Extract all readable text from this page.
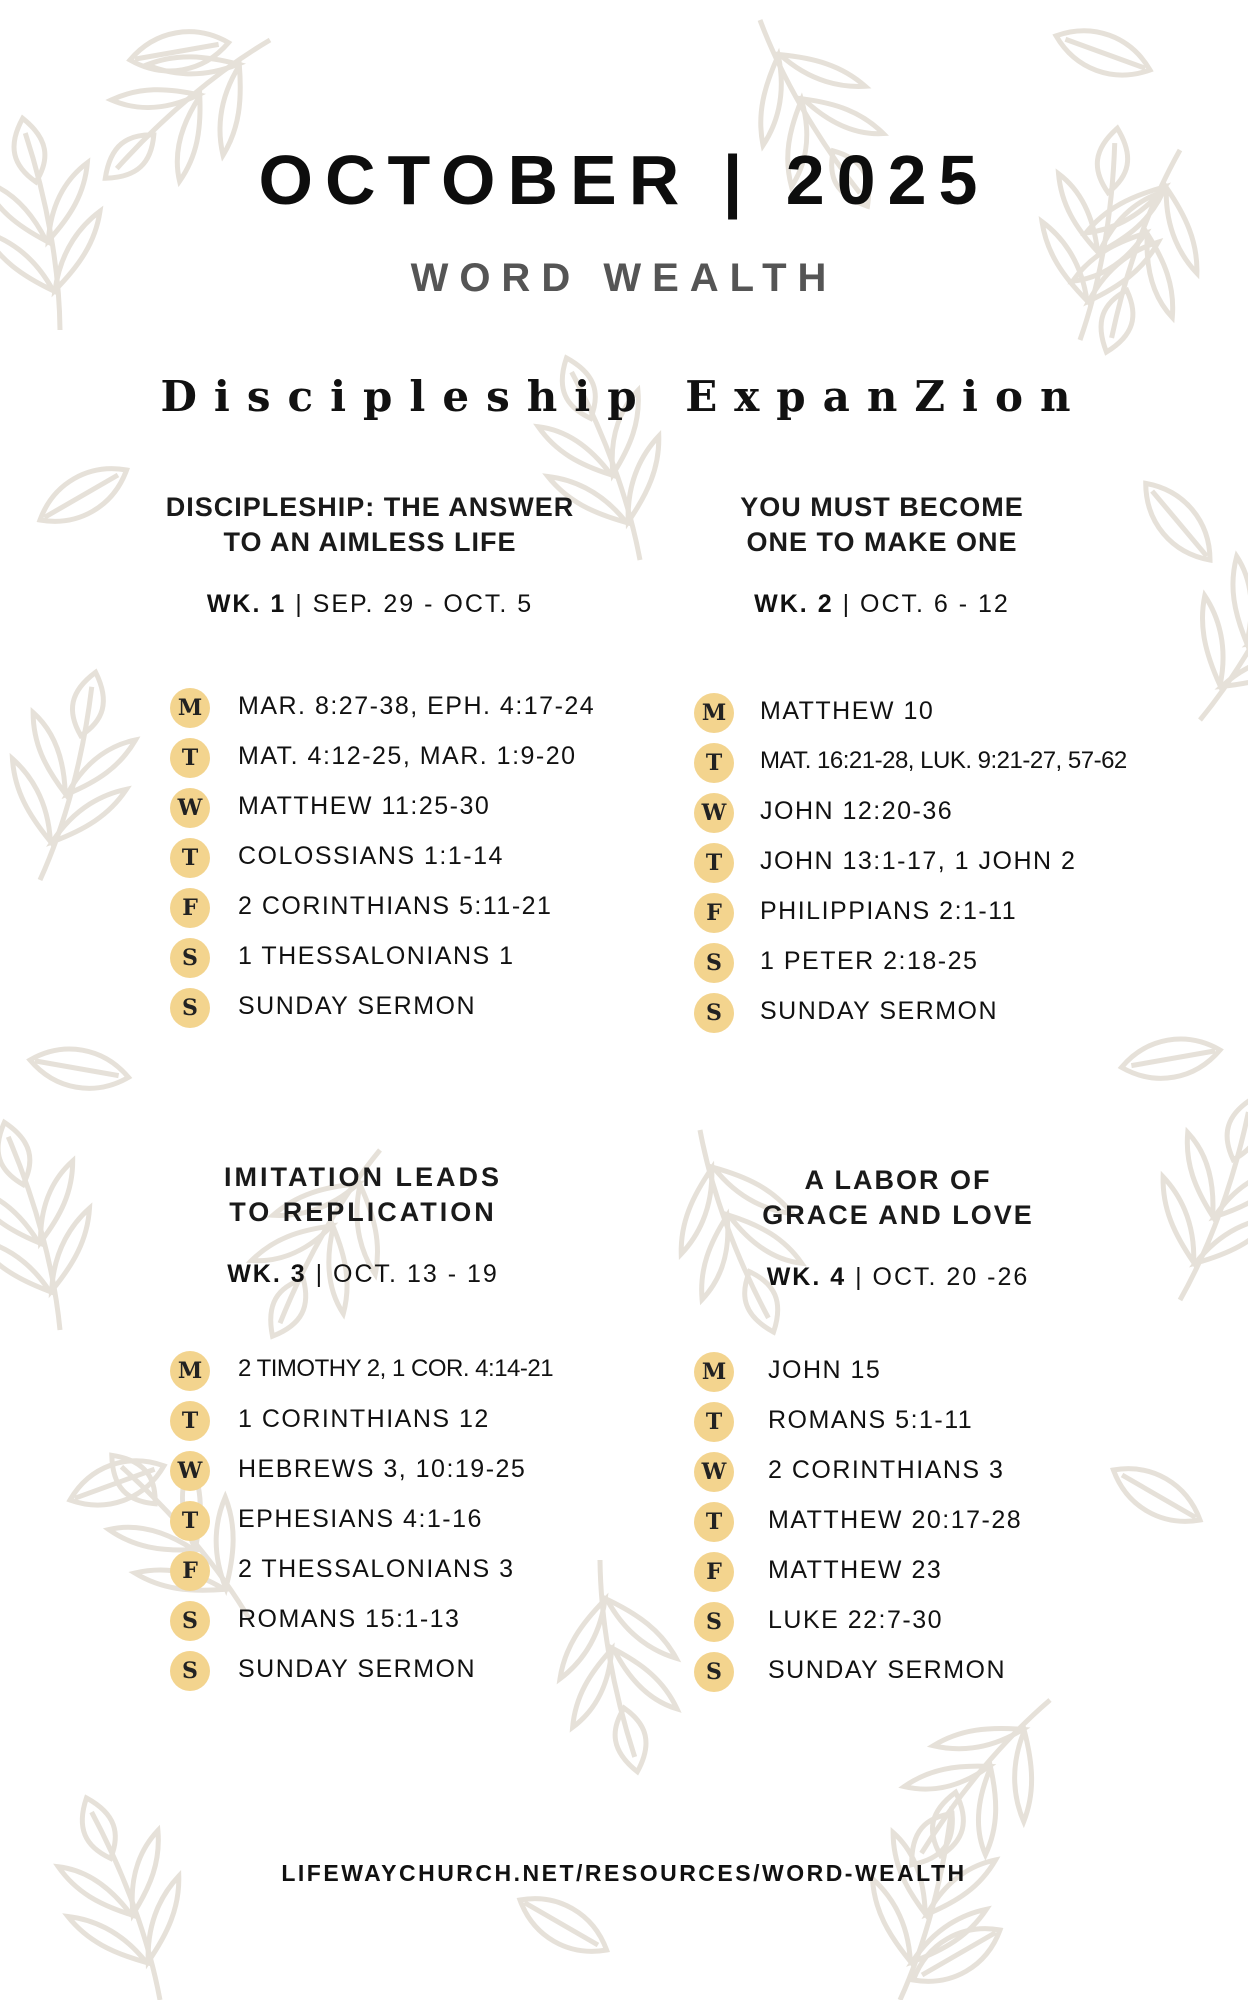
OCTOBER | 2025
WORD WEALTH
Discipleship ExpanZion
DISCIPLESHIP: THE ANSWER
TO AN AIMLESS LIFE
WK. 1 | SEP. 29 - OCT. 5
M	MAR. 8:27-38, EPH. 4:17-24
T	MAT. 4:12-25, MAR. 1:9-20
W	MATTHEW 11:25-30
T	COLOSSIANS 1:1-14
F	2 CORINTHIANS 5:11-21
S	1 THESSALONIANS 1
S	SUNDAY SERMON
YOU MUST BECOME
ONE TO MAKE ONE
WK. 2 | OCT. 6 - 12
M	MATTHEW 10
T	MAT. 16:21-28, LUK. 9:21-27, 57-62
W	JOHN 12:20-36
T	JOHN 13:1-17, 1 JOHN 2
F	PHILIPPIANS 2:1-11
S	1 PETER 2:18-25
S	SUNDAY SERMON
IMITATION LEADS
TO REPLICATION
WK. 3 | OCT. 13 - 19
M	2 TIMOTHY 2, 1 COR. 4:14-21
T	1 CORINTHIANS 12
W	HEBREWS 3, 10:19-25
T	EPHESIANS 4:1-16
F	2 THESSALONIANS 3
S	ROMANS 15:1-13
S	SUNDAY SERMON
A LABOR OF
GRACE AND LOVE
WK. 4 | OCT. 20 -26
M	JOHN 15
T	ROMANS 5:1-11
W	2 CORINTHIANS 3
T	MATTHEW 20:17-28
F	MATTHEW 23
S	LUKE 22:7-30
S	SUNDAY SERMON
LIFEWAYCHURCH.NET/RESOURCES/WORD-WEALTH
